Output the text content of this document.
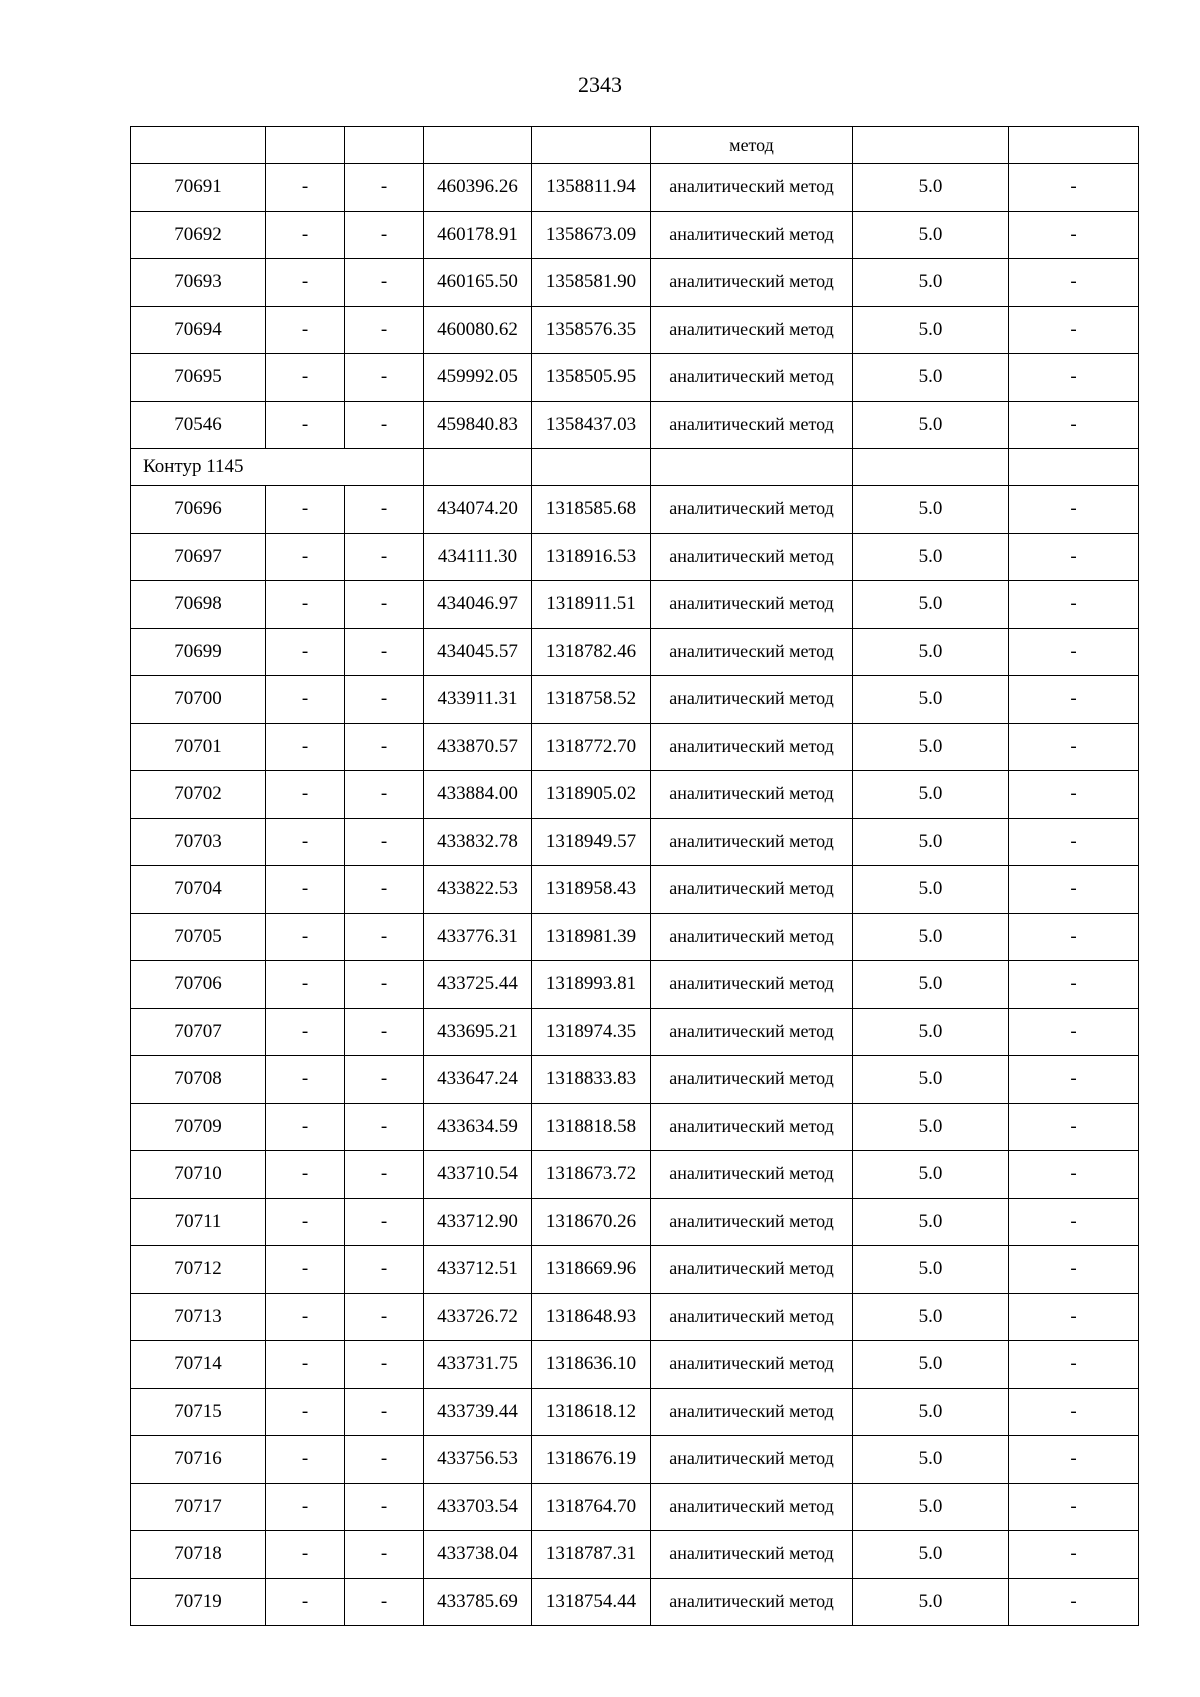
2343
					метод		
70691	-	-	460396.26	1358811.94	аналитический метод	5.0	-
70692	-	-	460178.91	1358673.09	аналитический метод	5.0	-
70693	-	-	460165.50	1358581.90	аналитический метод	5.0	-
70694	-	-	460080.62	1358576.35	аналитический метод	5.0	-
70695	-	-	459992.05	1358505.95	аналитический метод	5.0	-
70546	-	-	459840.83	1358437.03	аналитический метод	5.0	-
Контур 1145							
70696	-	-	434074.20	1318585.68	аналитический метод	5.0	-
70697	-	-	434111.30	1318916.53	аналитический метод	5.0	-
70698	-	-	434046.97	1318911.51	аналитический метод	5.0	-
70699	-	-	434045.57	1318782.46	аналитический метод	5.0	-
70700	-	-	433911.31	1318758.52	аналитический метод	5.0	-
70701	-	-	433870.57	1318772.70	аналитический метод	5.0	-
70702	-	-	433884.00	1318905.02	аналитический метод	5.0	-
70703	-	-	433832.78	1318949.57	аналитический метод	5.0	-
70704	-	-	433822.53	1318958.43	аналитический метод	5.0	-
70705	-	-	433776.31	1318981.39	аналитический метод	5.0	-
70706	-	-	433725.44	1318993.81	аналитический метод	5.0	-
70707	-	-	433695.21	1318974.35	аналитический метод	5.0	-
70708	-	-	433647.24	1318833.83	аналитический метод	5.0	-
70709	-	-	433634.59	1318818.58	аналитический метод	5.0	-
70710	-	-	433710.54	1318673.72	аналитический метод	5.0	-
70711	-	-	433712.90	1318670.26	аналитический метод	5.0	-
70712	-	-	433712.51	1318669.96	аналитический метод	5.0	-
70713	-	-	433726.72	1318648.93	аналитический метод	5.0	-
70714	-	-	433731.75	1318636.10	аналитический метод	5.0	-
70715	-	-	433739.44	1318618.12	аналитический метод	5.0	-
70716	-	-	433756.53	1318676.19	аналитический метод	5.0	-
70717	-	-	433703.54	1318764.70	аналитический метод	5.0	-
70718	-	-	433738.04	1318787.31	аналитический метод	5.0	-
70719	-	-	433785.69	1318754.44	аналитический метод	5.0	-
